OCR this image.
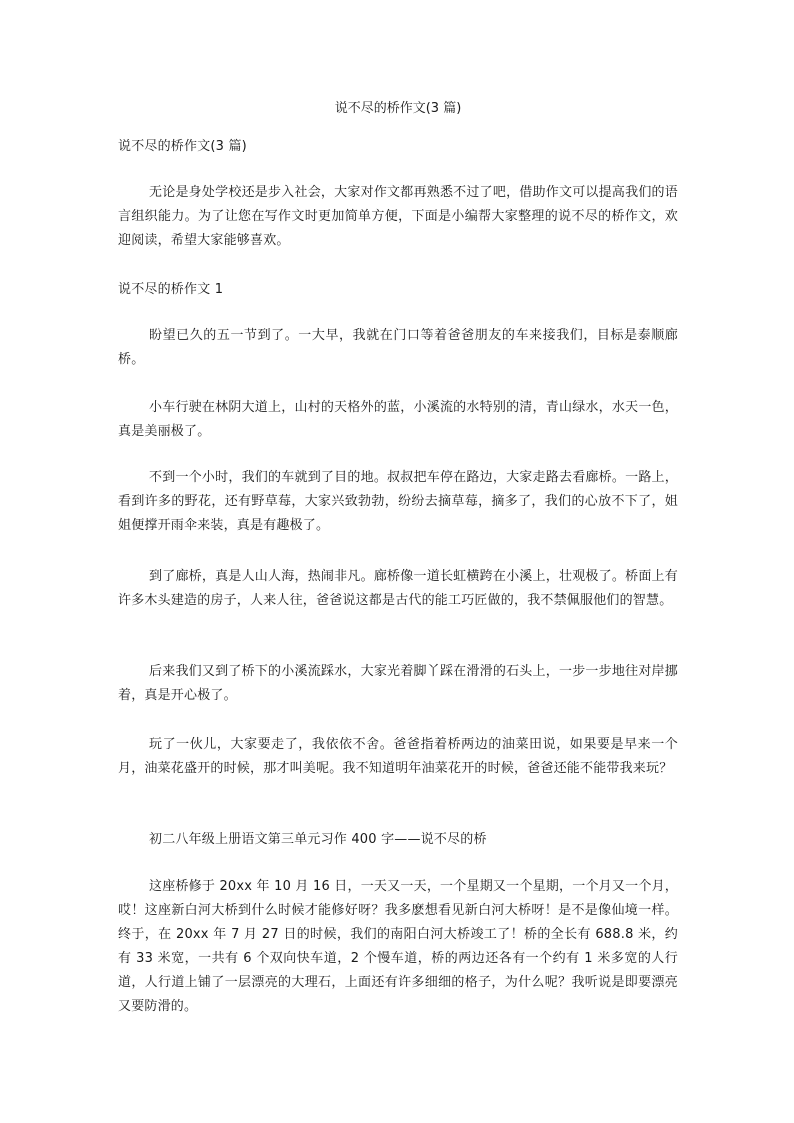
说不尽的桥作文(3 篇)
说不尽的桥作文(3 篇)
无论是身处学校还是步入社会，大家对作文都再熟悉不过了吧，借助作文可以提高我们的语言组织能力。为了让您在写作文时更加简单方便，下面是小编帮大家整理的说不尽的桥作文，欢迎阅读，希望大家能够喜欢。
说不尽的桥作文 1
盼望已久的五一节到了。一大早，我就在门口等着爸爸朋友的车来接我们，目标是泰顺廊桥。
小车行驶在林阴大道上，山村的天格外的蓝，小溪流的水特别的清，青山绿水，水天一色，真是美丽极了。
不到一个小时，我们的车就到了目的地。叔叔把车停在路边，大家走路去看廊桥。一路上，看到许多的野花，还有野草莓，大家兴致勃勃，纷纷去摘草莓，摘多了，我们的心放不下了，姐姐便撑开雨伞来装，真是有趣极了。
到了廊桥，真是人山人海，热闹非凡。廊桥像一道长虹横跨在小溪上，壮观极了。桥面上有许多木头建造的房子，人来人往，爸爸说这都是古代的能工巧匠做的，我不禁佩服他们的智慧。
后来我们又到了桥下的小溪流踩水，大家光着脚丫踩在滑滑的石头上，一步一步地往对岸挪着，真是开心极了。
玩了一伙儿，大家要走了，我依依不舍。爸爸指着桥两边的油菜田说，如果要是早来一个月，油菜花盛开的时候，那才叫美呢。我不知道明年油菜花开的时候，爸爸还能不能带我来玩？
初二八年级上册语文第三单元习作 400 字——说不尽的桥
这座桥修于 20xx 年 10 月 16 日，一天又一天，一个星期又一个星期，一个月又一个月，哎！这座新白河大桥到什么时候才能修好呀？我多麽想看见新白河大桥呀！是不是像仙境一样。终于，在 20xx 年 7 月 27 日的时候，我们的南阳白河大桥竣工了！桥的全长有 688.8 米，约有 33 米宽，一共有 6 个双向快车道，2 个慢车道，桥的两边还各有一个约有 1 米多宽的人行道，人行道上铺了一层漂亮的大理石，上面还有许多细细的格子，为什么呢？我听说是即要漂亮又要防滑的。
